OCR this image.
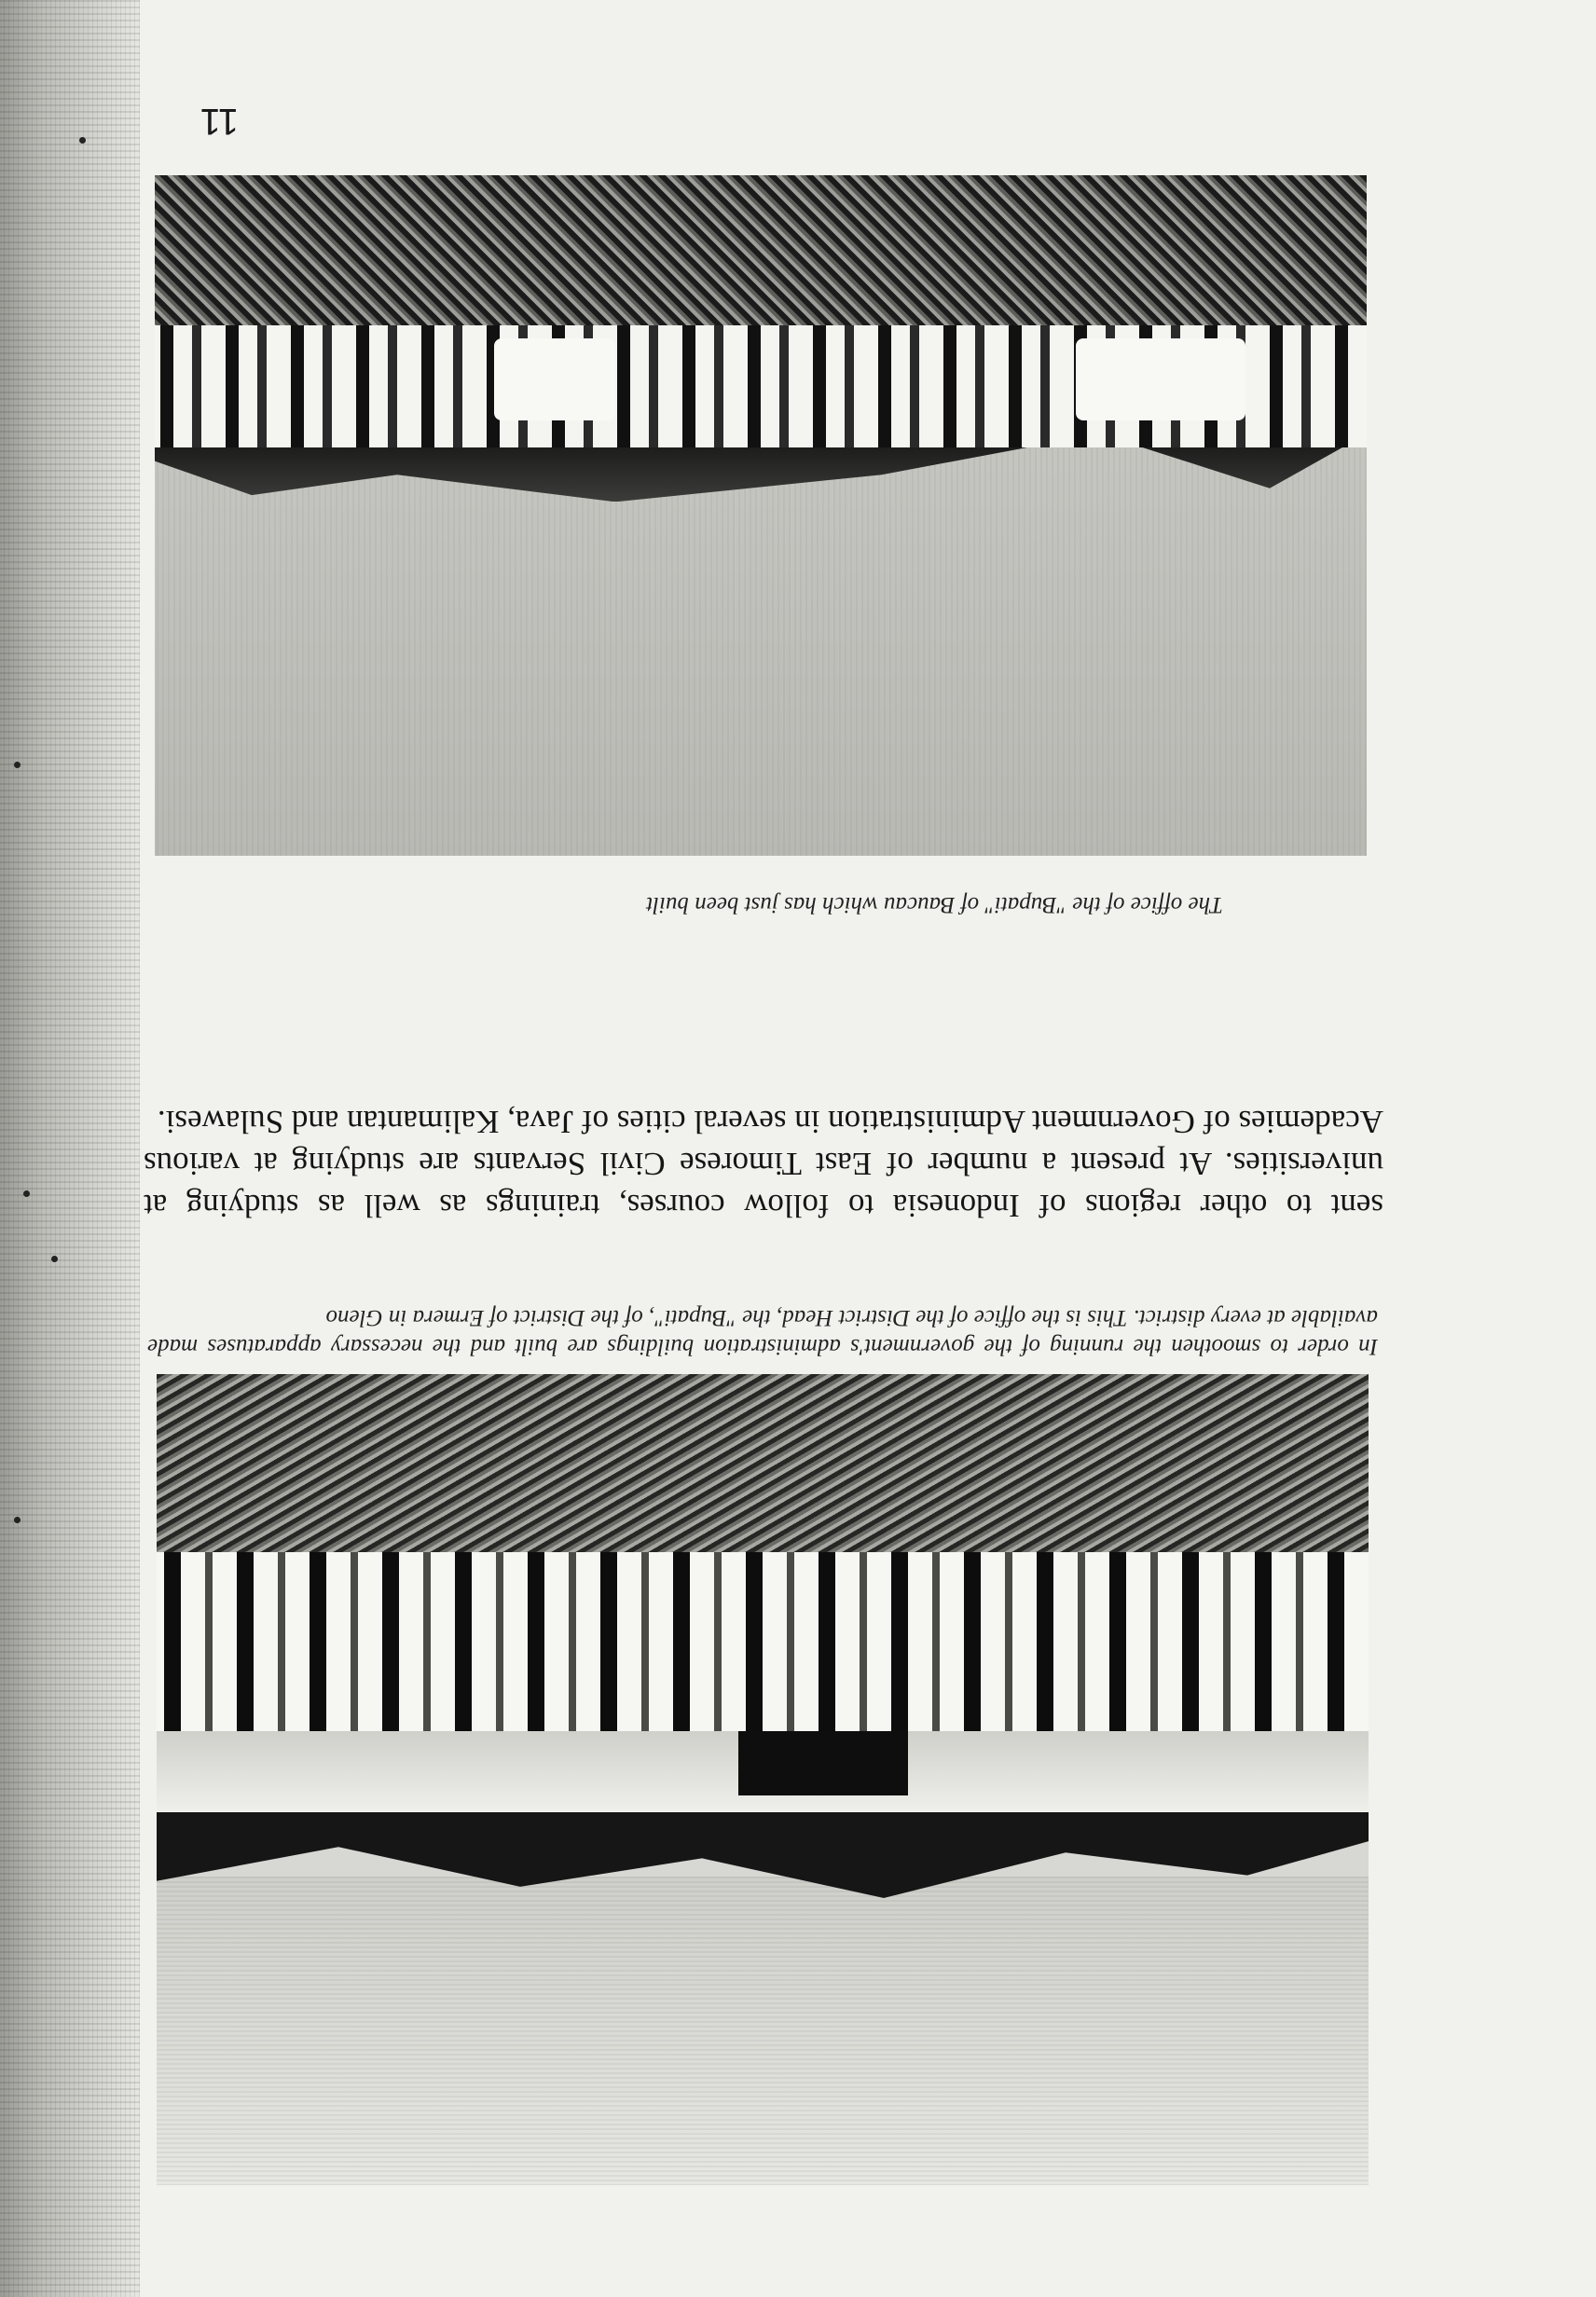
11

The office of the "Bupati" of Baucau which has just been built

sent to other regions of Indonesia to follow courses, trainings as well as studying at universities. At present a number of East Timorese Civil Servants are studying at various Academies of Government Administration in several cities of Java, Kalimantan and Sulawesi.

In order to smoothen the running of the government's administration buildings are built and the necessary apparatuses made available at every district. This is the office of the District Head, the "Bupati", of the District of Ermera in Gleno
